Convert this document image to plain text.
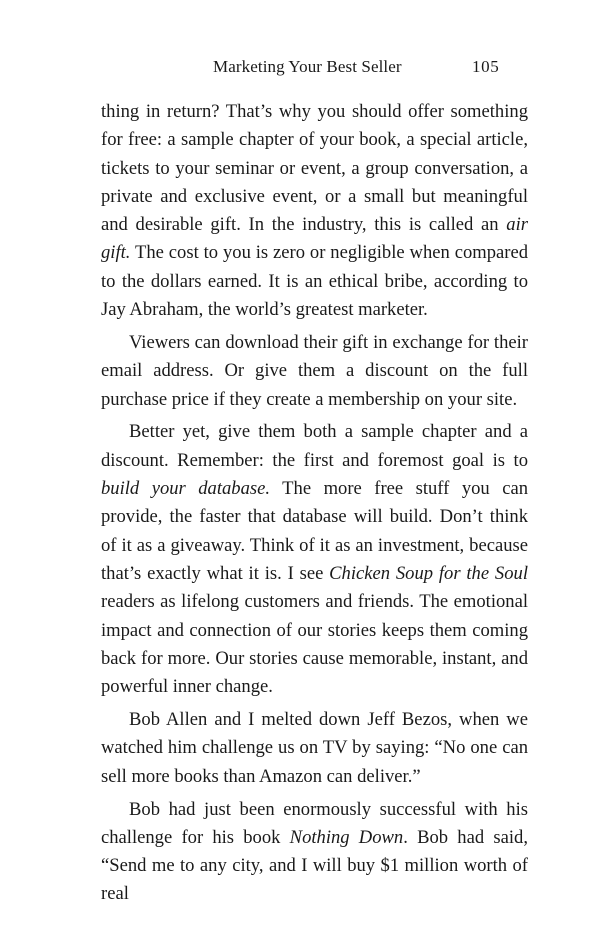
Marketing Your Best Seller	105

thing in return? That’s why you should offer something for free: a sample chapter of your book, a special article, tickets to your seminar or event, a group conversation, a private and exclusive event, or a small but meaningful and desirable gift. In the industry, this is called an air gift. The cost to you is zero or negligible when compared to the dollars earned. It is an ethical bribe, according to Jay Abraham, the world’s greatest marketer.

Viewers can download their gift in exchange for their email address. Or give them a discount on the full purchase price if they create a membership on your site.

Better yet, give them both a sample chapter and a discount. Remember: the first and foremost goal is to build your database. The more free stuff you can provide, the faster that database will build. Don’t think of it as a giveaway. Think of it as an investment, because that’s exactly what it is. I see Chicken Soup for the Soul readers as lifelong customers and friends. The emotional impact and connection of our stories keeps them coming back for more. Our stories cause memorable, instant, and powerful inner change.

Bob Allen and I melted down Jeff Bezos, when we watched him challenge us on TV by saying: “No one can sell more books than Amazon can deliver.”

Bob had just been enormously successful with his challenge for his book Nothing Down. Bob had said, “Send me to any city, and I will buy $1 million worth of real
